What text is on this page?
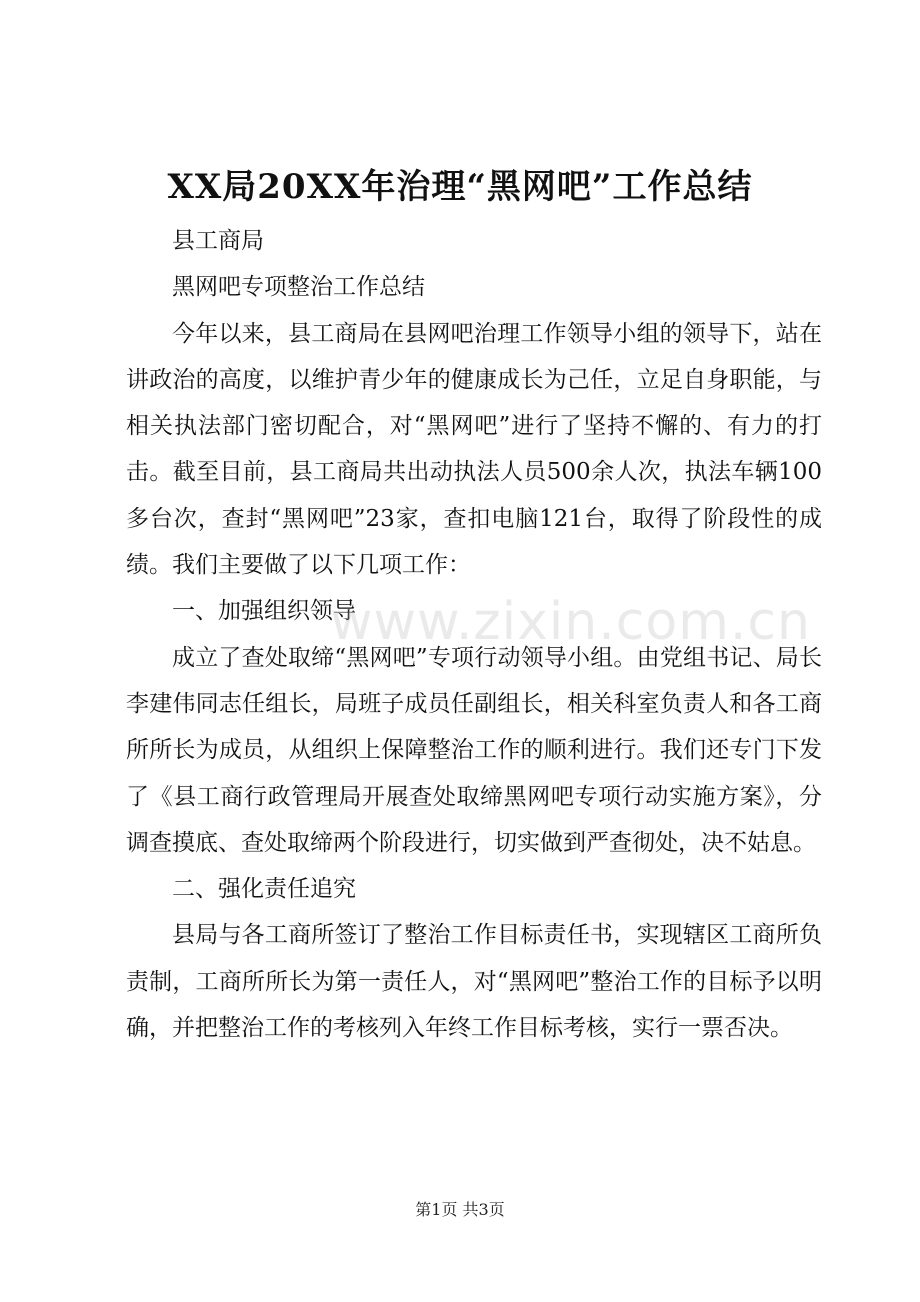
XX局20XX年治理“黑网吧”工作总结

县工商局

黑网吧专项整治工作总结

今年以来，县工商局在县网吧治理工作领导小组的领导下，站在讲政治的高度，以维护青少年的健康成长为己任，立足自身职能，与相关执法部门密切配合，对“黑网吧”进行了坚持不懈的、有力的打击。截至目前，县工商局共出动执法人员500余人次，执法车辆100多台次，查封“黑网吧”23家，查扣电脑121台，取得了阶段性的成绩。我们主要做了以下几项工作：

一、加强组织领导

成立了查处取缔“黑网吧”专项行动领导小组。由党组书记、局长李建伟同志任组长，局班子成员任副组长，相关科室负责人和各工商所所长为成员，从组织上保障整治工作的顺利进行。我们还专门下发了《县工商行政管理局开展查处取缔黑网吧专项行动实施方案》，分调查摸底、查处取缔两个阶段进行，切实做到严查彻处，决不姑息。

二、强化责任追究

县局与各工商所签订了整治工作目标责任书，实现辖区工商所负责制，工商所所长为第一责任人，对“黑网吧”整治工作的目标予以明确，并把整治工作的考核列入年终工作目标考核，实行一票否决。

www.zixin.com.cn
第1页 共3页
